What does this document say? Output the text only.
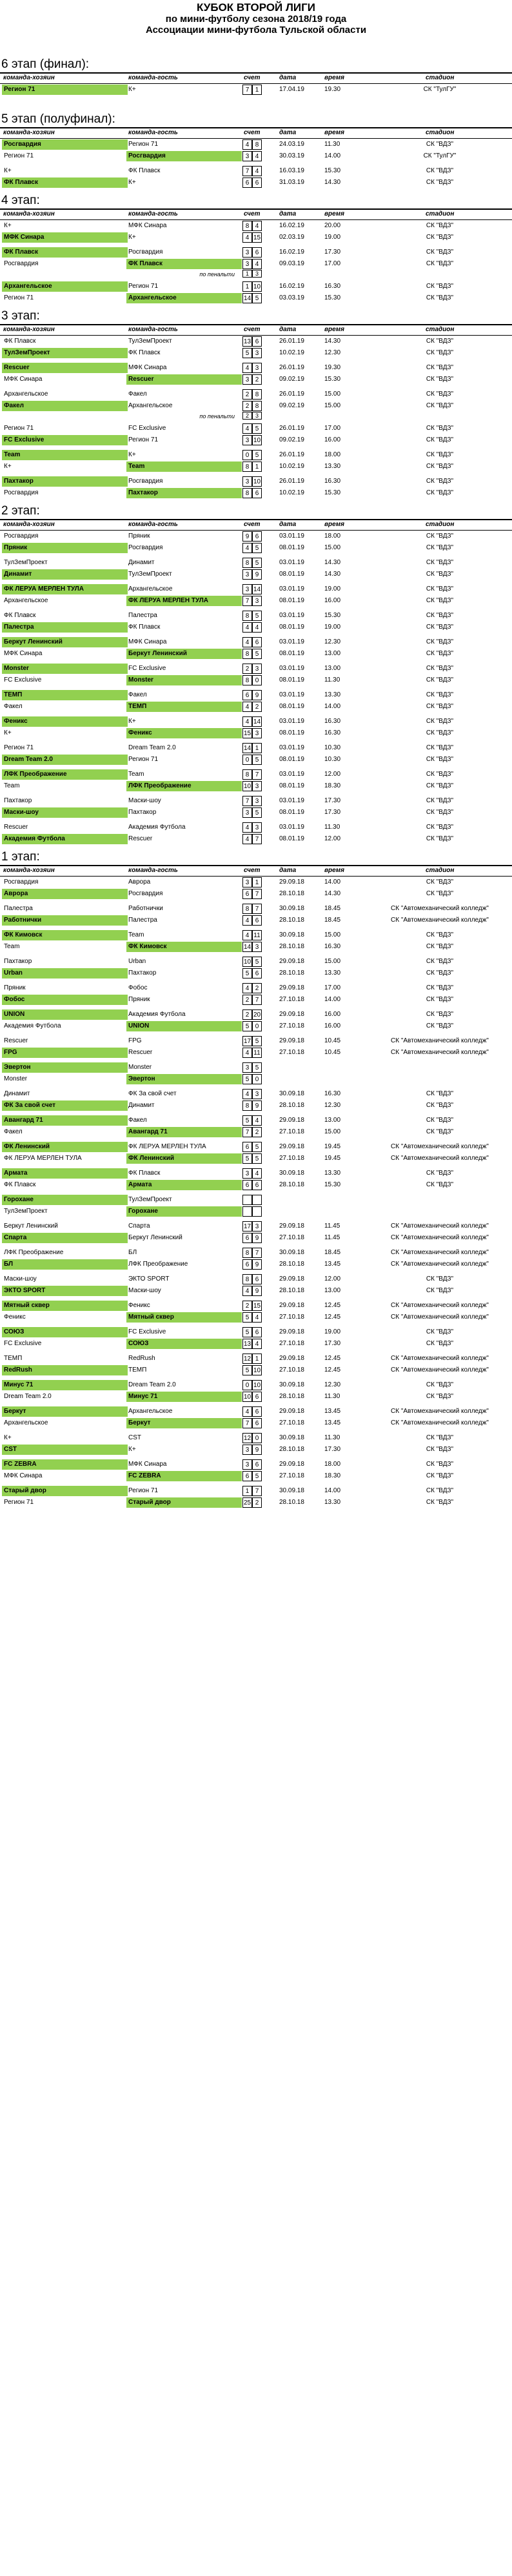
КУБОК ВТОРОЙ ЛИГИ
по мини-футболу сезона 2018/19 года
Ассоциации мини-футбола Тульской области
6 этап (финал):
команда-хозяин	команда-гость	счет	дата	время	стадион
Регион 71	К+	7 1	17.04.19	19.30	СК "ТулГУ"
5 этап (полуфинал):
команда-хозяин	команда-гость	счет	дата	время	стадион
Росгвардия	Регион 71	4 8	24.03.19	11.30	СК "ВДЗ"
Регион 71	Росгвардия	3 4	30.03.19	14.00	СК "ТулГУ"
К+	ФК Плавск	7 4	16.03.19	15.30	СК "ВДЗ"
ФК Плавск	К+	6 6	31.03.19	14.30	СК "ВДЗ"
4 этап:
команда-хозяин	команда-гость	счет	дата	время	стадион
К+	МФК Синара	8 4	16.02.19	20.00	СК "ВДЗ"
МФК Синара	К+	4 15	02.03.19	19.00	СК "ВДЗ"
ФК Плавск	Росгвардия	3 6	16.02.19	17.30	СК "ВДЗ"
Росгвардия	ФК Плавск	3 4	09.03.19	17.00	СК "ВДЗ"
по пенальти	1	3
Архангельское	Регион 71	1 10	16.02.19	16.30	СК "ВДЗ"
Регион 71	Архангельское	14 5	03.03.19	15.30	СК "ВДЗ"
3 этап:
команда-хозяин	команда-гость	счет	дата	время	стадион
ФК Плавск	ТулЗемПроект	13 6	26.01.19	14.30	СК "ВДЗ"
ТулЗемПроект	ФК Плавск	5 3	10.02.19	12.30	СК "ВДЗ"
Rescuer	МФК Синара	4 3	26.01.19	19.30	СК "ВДЗ"
МФК Синара	Rescuer	3 2	09.02.19	15.30	СК "ВДЗ"
Архангельское	Факел	2 8	26.01.19	15.00	СК "ВДЗ"
Факел	Архангельское	2 8	09.02.19	15.00	СК "ВДЗ"
по пенальти	2	3
Регион 71	FC Exclusive	4 5	26.01.19	17.00	СК "ВДЗ"
FC Exclusive	Регион 71	3 10	09.02.19	16.00	СК "ВДЗ"
Team	К+	0 5	26.01.19	18.00	СК "ВДЗ"
К+	Team	8 1	10.02.19	13.30	СК "ВДЗ"
Пахтакор	Росгвардия	3 10	26.01.19	16.30	СК "ВДЗ"
Росгвардия	Пахтакор	8 6	10.02.19	15.30	СК "ВДЗ"
2 этап:
команда-хозяин	команда-гость	счет	дата	время	стадион
Росгвардия	Пряник	9 6	03.01.19	18.00	СК "ВДЗ"
Пряник	Росгвардия	4 5	08.01.19	15.00	СК "ВДЗ"
ТулЗемПроект	Динамит	8 5	03.01.19	14.30	СК "ВДЗ"
Динамит	ТулЗемПроект	3 9	08.01.19	14.30	СК "ВДЗ"
ФК ЛЕРУА МЕРЛЕН ТУЛА	Архангельское	3 14	03.01.19	19.00	СК "ВДЗ"
Архангельское	ФК ЛЕРУА МЕРЛЕН ТУЛА	7 3	08.01.19	16.00	СК "ВДЗ"
ФК Плавск	Палестра	8 5	03.01.19	15.30	СК "ВДЗ"
Палестра	ФК Плавск	4 4	08.01.19	19.00	СК "ВДЗ"
Беркут Ленинский	МФК Синара	4 6	03.01.19	12.30	СК "ВДЗ"
МФК Синара	Беркут Ленинский	8 5	08.01.19	13.00	СК "ВДЗ"
Monster	FC Exclusive	2 3	03.01.19	13.00	СК "ВДЗ"
FC Exclusive	Monster	8 0	08.01.19	11.30	СК "ВДЗ"
ТЕМП	Факел	6 9	03.01.19	13.30	СК "ВДЗ"
Факел	ТЕМП	4 2	08.01.19	14.00	СК "ВДЗ"
Феникс	К+	4 14	03.01.19	16.30	СК "ВДЗ"
К+	Феникс	15 3	08.01.19	16.30	СК "ВДЗ"
Регион 71	Dream Team 2.0	14 1	03.01.19	10.30	СК "ВДЗ"
Dream Team 2.0	Регион 71	0 5	08.01.19	10.30	СК "ВДЗ"
ЛФК Преображение	Team	8 7	03.01.19	12.00	СК "ВДЗ"
Team	ЛФК Преображение	10 3	08.01.19	18.30	СК "ВДЗ"
Пахтакор	Маски-шоу	7 3	03.01.19	17.30	СК "ВДЗ"
Маски-шоу	Пахтакор	3 5	08.01.19	17.30	СК "ВДЗ"
Rescuer	Академия Футбола	4 3	03.01.19	11.30	СК "ВДЗ"
Академия Футбола	Rescuer	4 7	08.01.19	12.00	СК "ВДЗ"
1 этап:
команда-хозяин	команда-гость	счет	дата	время	стадион
Росгвардия	Аврора	3 1	29.09.18	14.00	СК "ВДЗ"
Аврора	Росгвардия	6 7	28.10.18	14.30	СК "ВДЗ"
Палестра	Работнички	8 7	30.09.18	18.45	СК "Автомеханический колледж"
Работнички	Палестра	4 6	28.10.18	18.45	СК "Автомеханический колледж"
ФК Кимовск	Team	4 11	30.09.18	15.00	СК "ВДЗ"
Team	ФК Кимовск	14 3	28.10.18	16.30	СК "ВДЗ"
Пахтакор	Urban	10 5	29.09.18	15.00	СК "ВДЗ"
Urban	Пахтакор	5 6	28.10.18	13.30	СК "ВДЗ"
Пряник	Фобос	4 2	29.09.18	17.00	СК "ВДЗ"
Фобос	Пряник	2 7	27.10.18	14.00	СК "ВДЗ"
UNION	Академия Футбола	2 20	29.09.18	16.00	СК "ВДЗ"
Академия Футбола	UNION	5 0	27.10.18	16.00	СК "ВДЗ"
Rescuer	FPG	17 5	29.09.18	10.45	СК "Автомеханический колледж"
FPG	Rescuer	4 11	27.10.18	10.45	СК "Автомеханический колледж"
Эвертон	Monster	3 5
Monster	Эвертон	5 0
Динамит	ФК За свой счет	4 3	30.09.18	16.30	СК "ВДЗ"
ФК За свой счет	Динамит	8 9	28.10.18	12.30	СК "ВДЗ"
Авангард 71	Факел	5 4	29.09.18	13.00	СК "ВДЗ"
Факел	Авангард 71	7 2	27.10.18	15.00	СК "ВДЗ"
ФК Ленинский	ФК ЛЕРУА МЕРЛЕН ТУЛА	6 5	29.09.18	19.45	СК "Автомеханический колледж"
ФК ЛЕРУА МЕРЛЕН ТУЛА	ФК Ленинский	5 5	27.10.18	19.45	СК "Автомеханический колледж"
Армата	ФК Плавск	3 4	30.09.18	13.30	СК "ВДЗ"
ФК Плавск	Армата	6 6	28.10.18	15.30	СК "ВДЗ"
Горохане	ТулЗемПроект
ТулЗемПроект	Горохане
Беркут Ленинский	Спарта	17 3	29.09.18	11.45	СК "Автомеханический колледж"
Спарта	Беркут Ленинский	6 9	27.10.18	11.45	СК "Автомеханический колледж"
ЛФК Преображение	БЛ	8 7	30.09.18	18.45	СК "Автомеханический колледж"
БЛ	ЛФК Преображение	6 9	28.10.18	13.45	СК "Автомеханический колледж"
Маски-шоу	ЭКТО SPORT	8 6	29.09.18	12.00	СК "ВДЗ"
ЭКТО SPORT	Маски-шоу	4 9	28.10.18	13.00	СК "ВДЗ"
Мятный сквер	Феникс	2 15	29.09.18	12.45	СК "Автомеханический колледж"
Феникс	Мятный сквер	5 4	27.10.18	12.45	СК "Автомеханический колледж"
СОЮЗ	FC Exclusive	5 6	29.09.18	19.00	СК "ВДЗ"
FC Exclusive	СОЮЗ	13 4	27.10.18	17.30	СК "ВДЗ"
ТЕМП	RedRush	12 1	29.09.18	12.45	СК "Автомеханический колледж"
RedRush	ТЕМП	5 10	27.10.18	12.45	СК "Автомеханический колледж"
Минус 71	Dream Team 2.0	0 10	30.09.18	12.30	СК "ВДЗ"
Dream Team 2.0	Минус 71	10 6	28.10.18	11.30	СК "ВДЗ"
Беркут	Архангельское	4 6	29.09.18	13.45	СК "Автомеханический колледж"
Архангельское	Беркут	7 6	27.10.18	13.45	СК "Автомеханический колледж"
К+	CST	12 0	30.09.18	11.30	СК "ВДЗ"
CST	К+	3 9	28.10.18	17.30	СК "ВДЗ"
FC ZEBRA	МФК Синара	3 6	29.09.18	18.00	СК "ВДЗ"
МФК Синара	FC ZEBRA	6 5	27.10.18	18.30	СК "ВДЗ"
Старый двор	Регион 71	1 7	30.09.18	14.00	СК "ВДЗ"
Регион 71	Старый двор	25 2	28.10.18	13.30	СК "ВДЗ"
